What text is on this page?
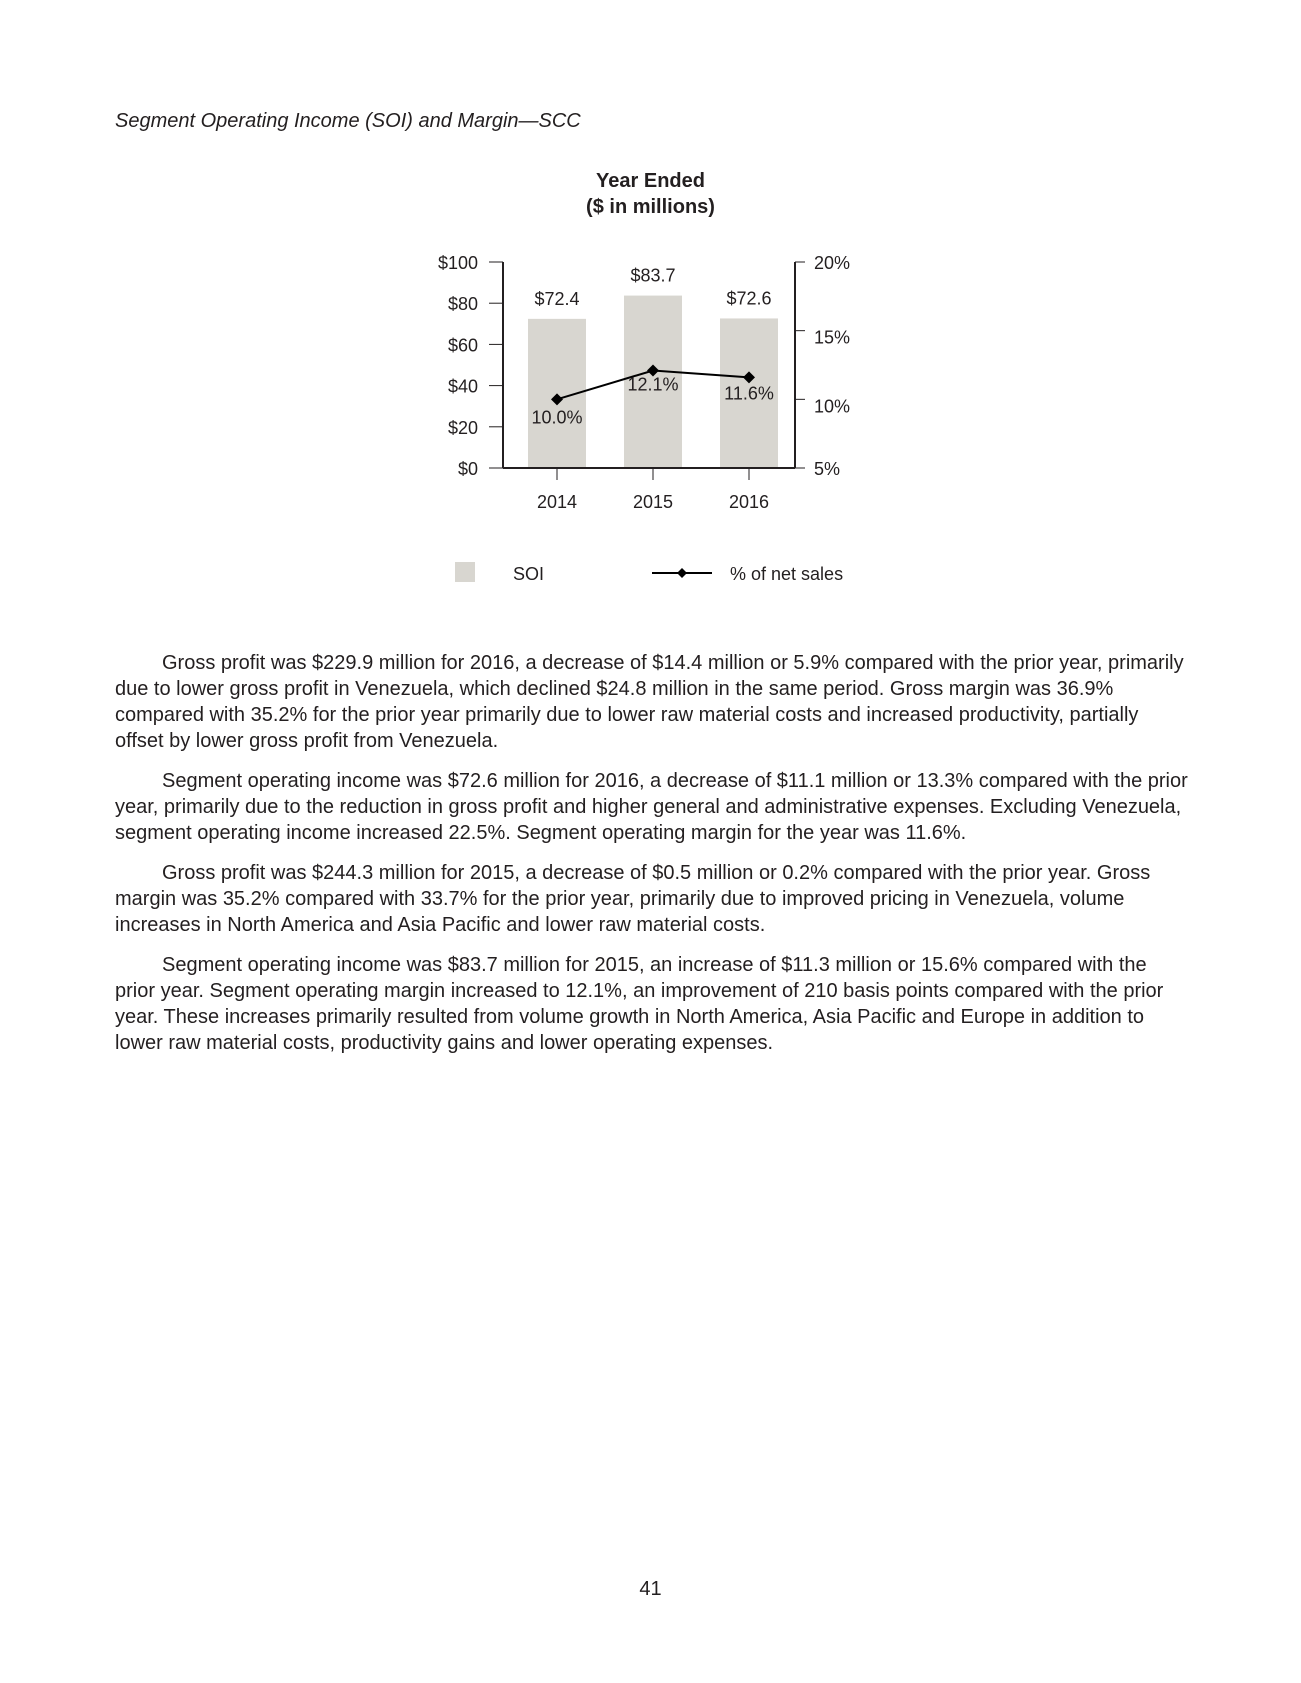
Segment Operating Income (SOI) and Margin—SCC
Year Ended
($ in millions)
$0
$20
$40
$60
$80
$100
5%
10%
15%
20%
2014	2015	2016
$72.4
$83.7
$72.6
10.0%
12.1%	11.6%
SOI	% of net sales

Gross profit was $229.9 million for 2016, a decrease of $14.4 million or 5.9% compared with the prior year, primarily due to lower gross profit in Venezuela, which declined $24.8 million in the same period. Gross margin was 36.9% compared with 35.2% for the prior year primarily due to lower raw material costs and increased productivity, partially offset by lower gross profit from Venezuela.

Segment operating income was $72.6 million for 2016, a decrease of $11.1 million or 13.3% compared with the prior year, primarily due to the reduction in gross profit and higher general and administrative expenses. Excluding Venezuela, segment operating income increased 22.5%. Segment operating margin for the year was 11.6%.

Gross profit was $244.3 million for 2015, a decrease of $0.5 million or 0.2% compared with the prior year. Gross margin was 35.2% compared with 33.7% for the prior year, primarily due to improved pricing in Venezuela, volume increases in North America and Asia Pacific and lower raw material costs.

Segment operating income was $83.7 million for 2015, an increase of $11.3 million or 15.6% compared with the prior year. Segment operating margin increased to 12.1%, an improvement of 210 basis points compared with the prior year. These increases primarily resulted from volume growth in North America, Asia Pacific and Europe in addition to lower raw material costs, productivity gains and lower operating expenses.

41
